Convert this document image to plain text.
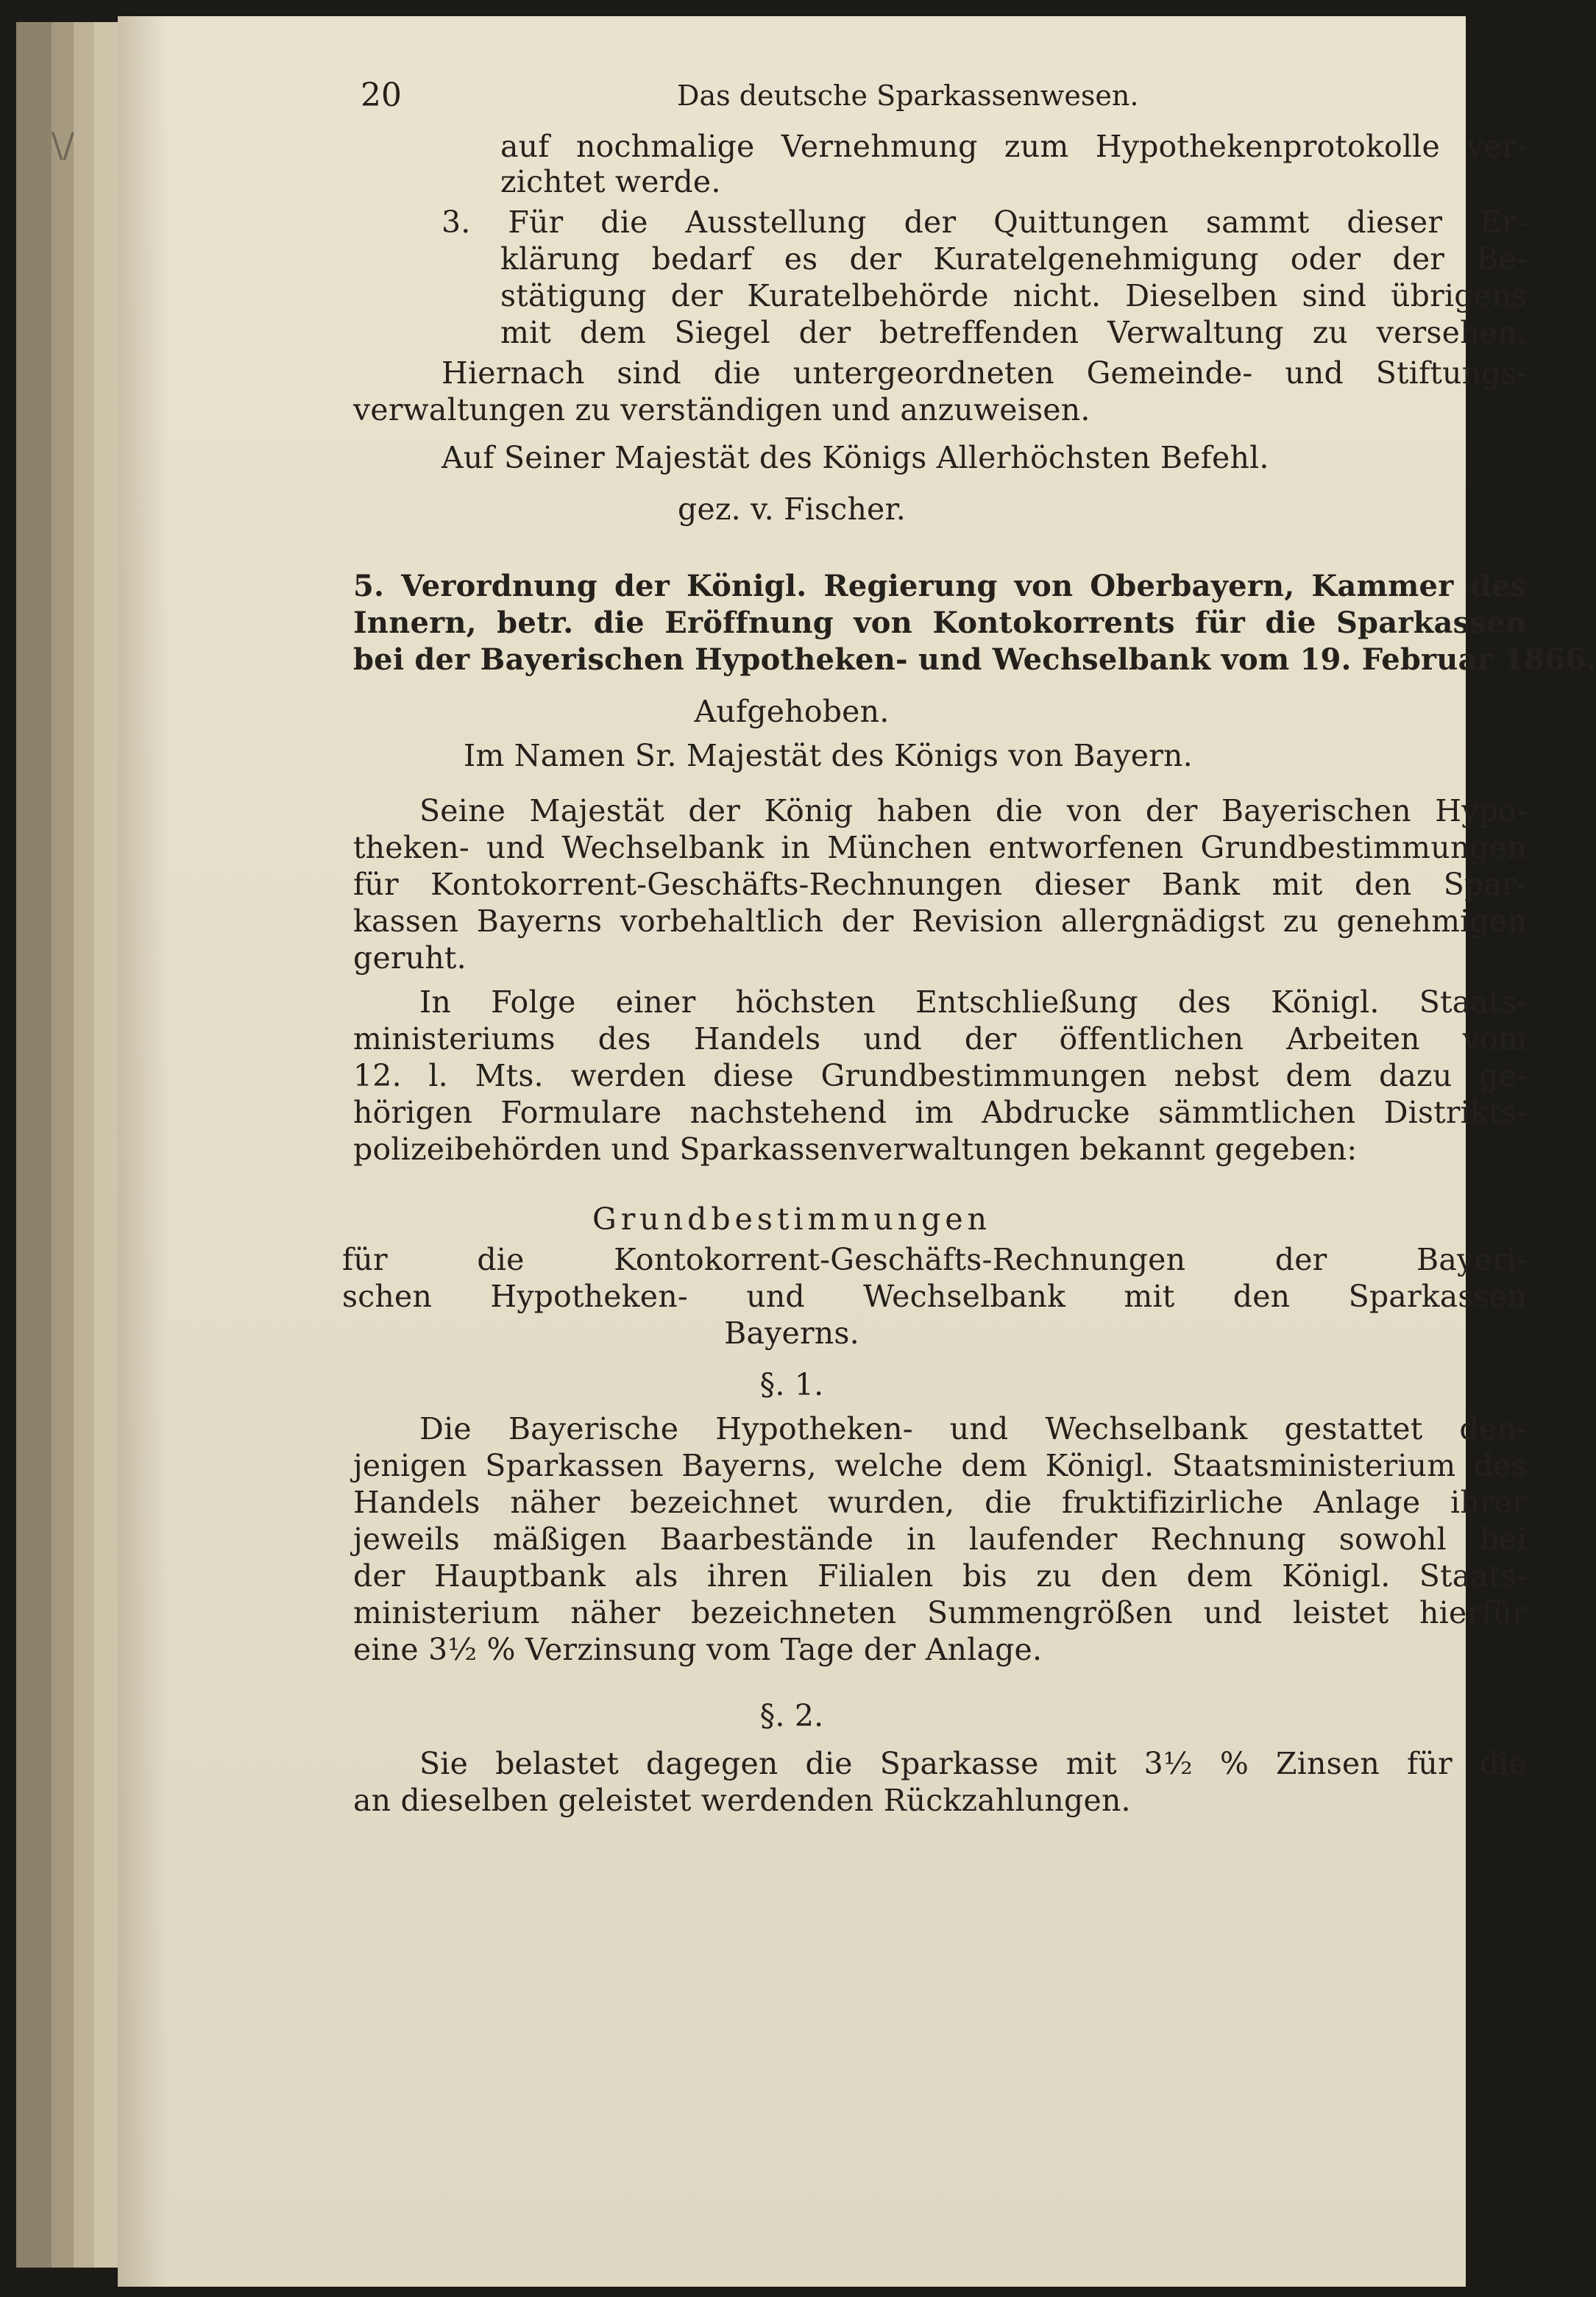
\/

20	Das deutsche Sparkassenwesen.

auf nochmalige Vernehmung zum Hypothekenprotokolle ver-

zichtet werde.

3. Für die Ausstellung der Quittungen sammt dieser Er-

klärung bedarf es der Kuratelgenehmigung oder der Be-

stätigung der Kuratelbehörde nicht. Dieselben sind übrigens

mit dem Siegel der betreffenden Verwaltung zu versehen.

Hiernach sind die untergeordneten Gemeinde- und Stiftungs-

verwaltungen zu verständigen und anzuweisen.

Auf Seiner Majestät des Königs Allerhöchsten Befehl.

gez. v. Fischer.

5. Verordnung der Königl. Regierung von Oberbayern, Kammer des

Innern, betr. die Eröffnung von Kontokorrents für die Sparkassen

bei der Bayerischen Hypotheken- und Wechselbank vom 19. Februar 1866.

Aufgehoben.

Im Namen Sr. Majestät des Königs von Bayern.

Seine Majestät der König haben die von der Bayerischen Hypo-

theken- und Wechselbank in München entworfenen Grundbestimmungen

für Kontokorrent-Geschäfts-Rechnungen dieser Bank mit den Spar-

kassen Bayerns vorbehaltlich der Revision allergnädigst zu genehmigen

geruht.

In Folge einer höchsten Entschließung des Königl. Staats-

ministeriums des Handels und der öffentlichen Arbeiten vom

12. l. Mts. werden diese Grundbestimmungen nebst dem dazu ge-

hörigen Formulare nachstehend im Abdrucke sämmtlichen Distrikts-

polizeibehörden und Sparkassenverwaltungen bekannt gegeben:

Grundbestimmungen

für die Kontokorrent-Geschäfts-Rechnungen der Bayeri-

schen Hypotheken- und Wechselbank mit den Sparkassen

Bayerns.

§. 1.

Die Bayerische Hypotheken- und Wechselbank gestattet den-

jenigen Sparkassen Bayerns, welche dem Königl. Staatsministerium des

Handels näher bezeichnet wurden, die fruktifizirliche Anlage ihrer

jeweils mäßigen Baarbestände in laufender Rechnung sowohl bei

der Hauptbank als ihren Filialen bis zu den dem Königl. Staats-

ministerium näher bezeichneten Summengrößen und leistet hierfür

eine 3½ % Verzinsung vom Tage der Anlage.

§. 2.

Sie belastet dagegen die Sparkasse mit 3½ % Zinsen für die

an dieselben geleistet werdenden Rückzahlungen.
